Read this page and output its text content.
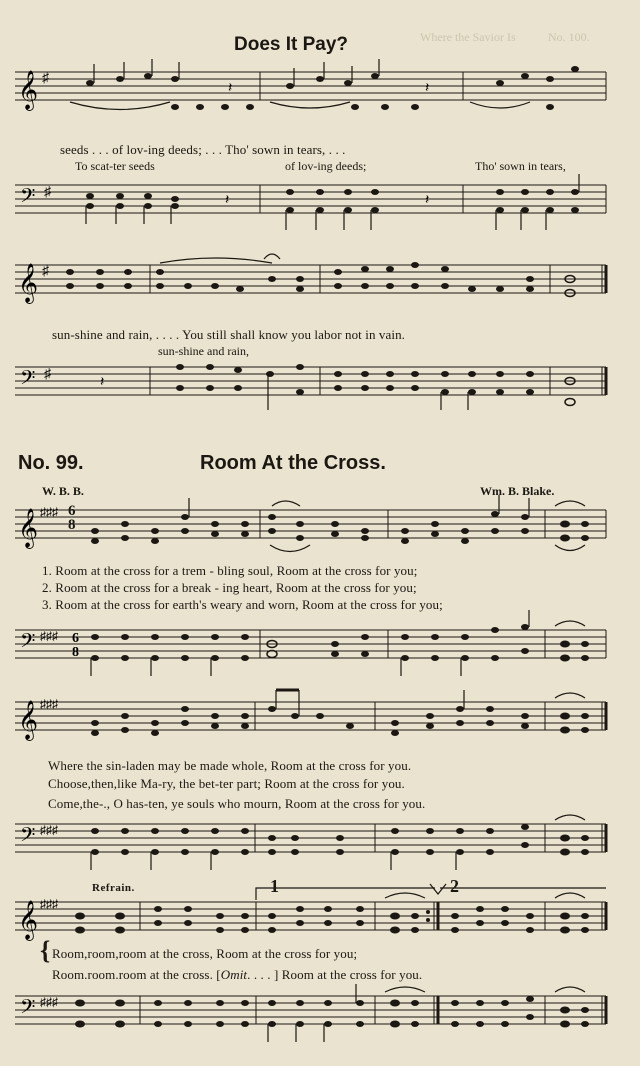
Where the Savior Is	No. 100.
Does It Pay?
𝄞 ♯
𝄽	𝄽
seeds . . . of lov-ing deeds; . . . Tho' sown in tears, . . .
To scat-ter seeds	of lov-ing deeds;	Tho' sown in tears,
𝄢 ♯
𝄽	𝄽
𝄞 ♯
sun-shine and rain, . . . . You still shall know you labor not in vain.
sun-shine and rain,
𝄢 ♯
𝄽
No. 99.	Room At the Cross.
W. B. B.	Wm. B. Blake.
6
8
𝄞 ♯♯♯
1. Room at the cross for a trem - bling soul, Room at the cross for you;
2. Room at the cross for a break - ing heart, Room at the cross for you;
3. Room at the cross for earth's weary and worn, Room at the cross for you;
𝄢 ♯♯♯ 6
8
𝄞 ♯♯♯
Where the sin-laden may be made whole, Room at the cross for you.
Choose,then,like Ma-ry, the bet-ter part; Room at the cross for you.
Come,the-., O has-ten, ye souls who mourn, Room at the cross for you.
𝄢 ♯♯♯
Refrain.	1	2
𝄞 ♯♯♯
{ Room,room,room at the cross, Room at the cross for you;
Room.room.room at the cross. [Omit. . . . ] Room at the cross for you.
𝄢 ♯♯♯
